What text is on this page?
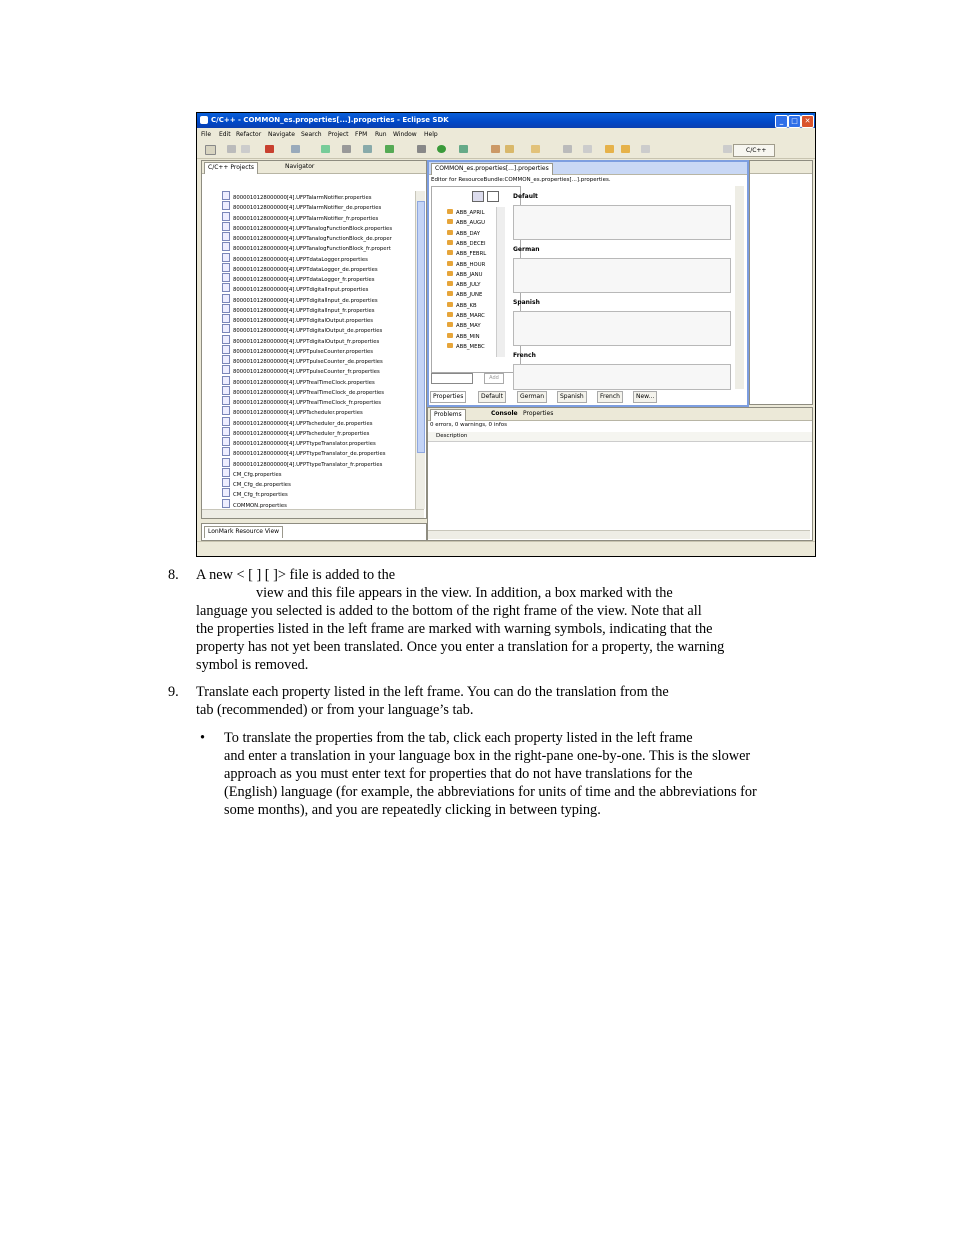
C/C++ - COMMON_es.properties[...].properties - Eclipse SDK	_	□ ✕
File Edit Refactor Navigate Search Project FPM Run Window Help
C/C++
C/C++ Projects	Navigator
8000010128000000[4].UFPTalarmNotifier.properties
8000010128000000[4].UFPTalarmNotifier_de.properties
8000010128000000[4].UFPTalarmNotifier_fr.properties
8000010128000000[4].UFPTanalogFunctionBlock.properties
8000010128000000[4].UFPTanalogFunctionBlock_de.proper
8000010128000000[4].UFPTanalogFunctionBlock_fr.propert
8000010128000000[4].UFPTdataLogger.properties
8000010128000000[4].UFPTdataLogger_de.properties
8000010128000000[4].UFPTdataLogger_fr.properties
8000010128000000[4].UFPTdigitalInput.properties
8000010128000000[4].UFPTdigitalInput_de.properties
8000010128000000[4].UFPTdigitalInput_fr.properties
8000010128000000[4].UFPTdigitalOutput.properties
8000010128000000[4].UFPTdigitalOutput_de.properties
8000010128000000[4].UFPTdigitalOutput_fr.properties
8000010128000000[4].UFPTpulseCounter.properties
8000010128000000[4].UFPTpulseCounter_de.properties
8000010128000000[4].UFPTpulseCounter_fr.properties
8000010128000000[4].UFPTrealTimeClock.properties
8000010128000000[4].UFPTrealTimeClock_de.properties
8000010128000000[4].UFPTrealTimeClock_fr.properties
8000010128000000[4].UFPTscheduler.properties
8000010128000000[4].UFPTscheduler_de.properties
8000010128000000[4].UFPTscheduler_fr.properties
8000010128000000[4].UFPTtypeTranslator.properties
8000010128000000[4].UFPTtypeTranslator_de.properties
8000010128000000[4].UFPTtypeTranslator_fr.properties
CM_Cfg.properties
CM_Cfg_de.properties
CM_Cfg_fr.properties
COMMON.properties
LonMark Resource View
COMMON_es.properties[...].properties
Editor for ResourceBundle:COMMON_es.properties[...].properties.
ABB_APRIL
ABB_AUGU
ABB_DAY
ABB_DECEI
ABB_FEBRL
ABB_HOUR
ABB_JANU
ABB_JULY
ABB_JUNE
ABB_KB
ABB_MARC
ABB_MAY
ABB_MIN
ABB_MEBC
Add
Default
German
Spanish
French
Properties	Default	German	Spanish	French	New...
Problems	Console Properties
0 errors, 0 warnings, 0 infos
Description
8. A new < [ ] [ ]> file is added to the
view and this file appears in the view. In addition, a box marked with the
language you selected is added to the bottom of the right frame of the view. Note that all
the properties listed in the left frame are marked with warning symbols, indicating that the
property has not yet been translated. Once you enter a translation for a property, the warning
symbol is removed.
9. Translate each property listed in the left frame. You can do the translation from the
tab (recommended) or from your language’s tab.
• To translate the properties from the tab, click each property listed in the left frame
and enter a translation in your language box in the right-pane one-by-one. This is the slower
approach as you must enter text for properties that do not have translations for the
(English) language (for example, the abbreviations for units of time and the abbreviations for
some months), and you are repeatedly clicking in between typing.
